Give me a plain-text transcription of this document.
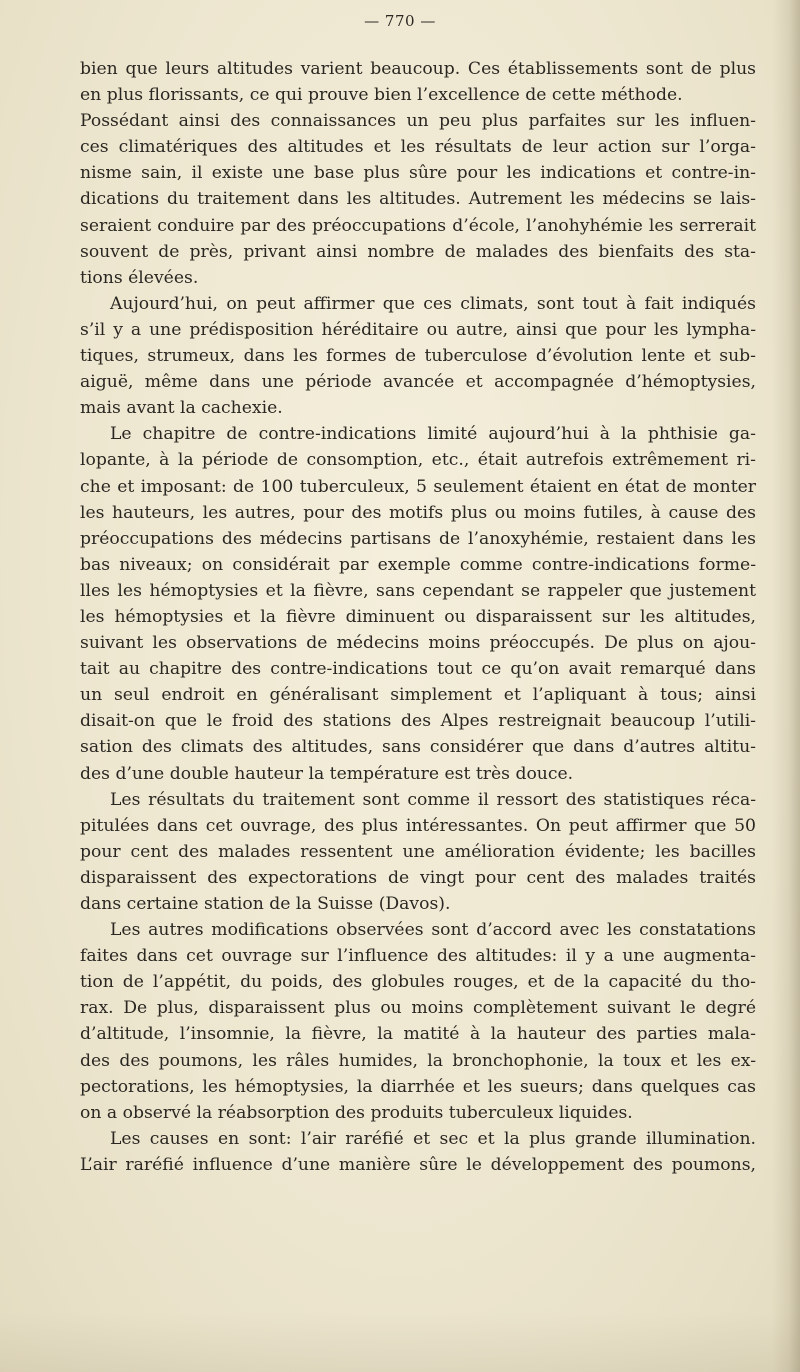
— 770 —
bien que leurs altitudes varient beaucoup. Ces établissements sont de plus
en plus florissants, ce qui prouve bien l’excellence de cette méthode.
Possédant ainsi des connaissances un peu plus parfaites sur les influen-
ces climatériques des altitudes et les résultats de leur action sur l’orga-
nisme sain, il existe une base plus sûre pour les indications et contre-in-
dications du traitement dans les altitudes. Autrement les médecins se lais-
seraient conduire par des préoccupations d’école, l’anohyhémie les serrerait
souvent de près, privant ainsi nombre de malades des bienfaits des sta-
tions élevées.
Aujourd’hui, on peut affirmer que ces climats, sont tout à fait indiqués
s’il y a une prédisposition héréditaire ou autre, ainsi que pour les lympha-
tiques, strumeux, dans les formes de tuberculose d’évolution lente et sub-
aiguë, même dans une période avancée et accompagnée d’hémoptysies,
mais avant la cachexie.
Le chapitre de contre-indications limité aujourd’hui à la phthisie ga-
lopante, à la période de consomption, etc., était autrefois extrêmement ri-
che et imposant: de 100 tuberculeux, 5 seulement étaient en état de monter
les hauteurs, les autres, pour des motifs plus ou moins futiles, à cause des
préoccupations des médecins partisans de l’anoxyhémie, restaient dans les
bas niveaux; on considérait par exemple comme contre-indications forme-
lles les hémoptysies et la fièvre, sans cependant se rappeler que justement
les hémoptysies et la fièvre diminuent ou disparaissent sur les altitudes,
suivant les observations de médecins moins préoccupés. De plus on ajou-
tait au chapitre des contre-indications tout ce qu’on avait remarqué dans
un seul endroit en généralisant simplement et l’apliquant à tous; ainsi
disait-on que le froid des stations des Alpes restreignait beaucoup l’utili-
sation des climats des altitudes, sans considérer que dans d’autres altitu-
des d’une double hauteur la température est très douce.
Les résultats du traitement sont comme il ressort des statistiques réca-
pitulées dans cet ouvrage, des plus intéressantes. On peut affirmer que 50
pour cent des malades ressentent une amélioration évidente; les bacilles
disparaissent des expectorations de vingt pour cent des malades traités
dans certaine station de la Suisse (Davos).
Les autres modifications observées sont d’accord avec les constatations
faites dans cet ouvrage sur l’influence des altitudes: il y a une augmenta-
tion de l’appétit, du poids, des globules rouges, et de la capacité du tho-
rax. De plus, disparaissent plus ou moins complètement suivant le degré
d’altitude, l’insomnie, la fièvre, la matité à la hauteur des parties mala-
des des poumons, les râles humides, la bronchophonie, la toux et les ex-
pectorations, les hémoptysies, la diarrhée et les sueurs; dans quelques cas
on a observé la réabsorption des produits tuberculeux liquides.
Les causes en sont: l’air raréfié et sec et la plus grande illumination.
L’air raréfié influence d’une manière sûre le développement des poumons,
